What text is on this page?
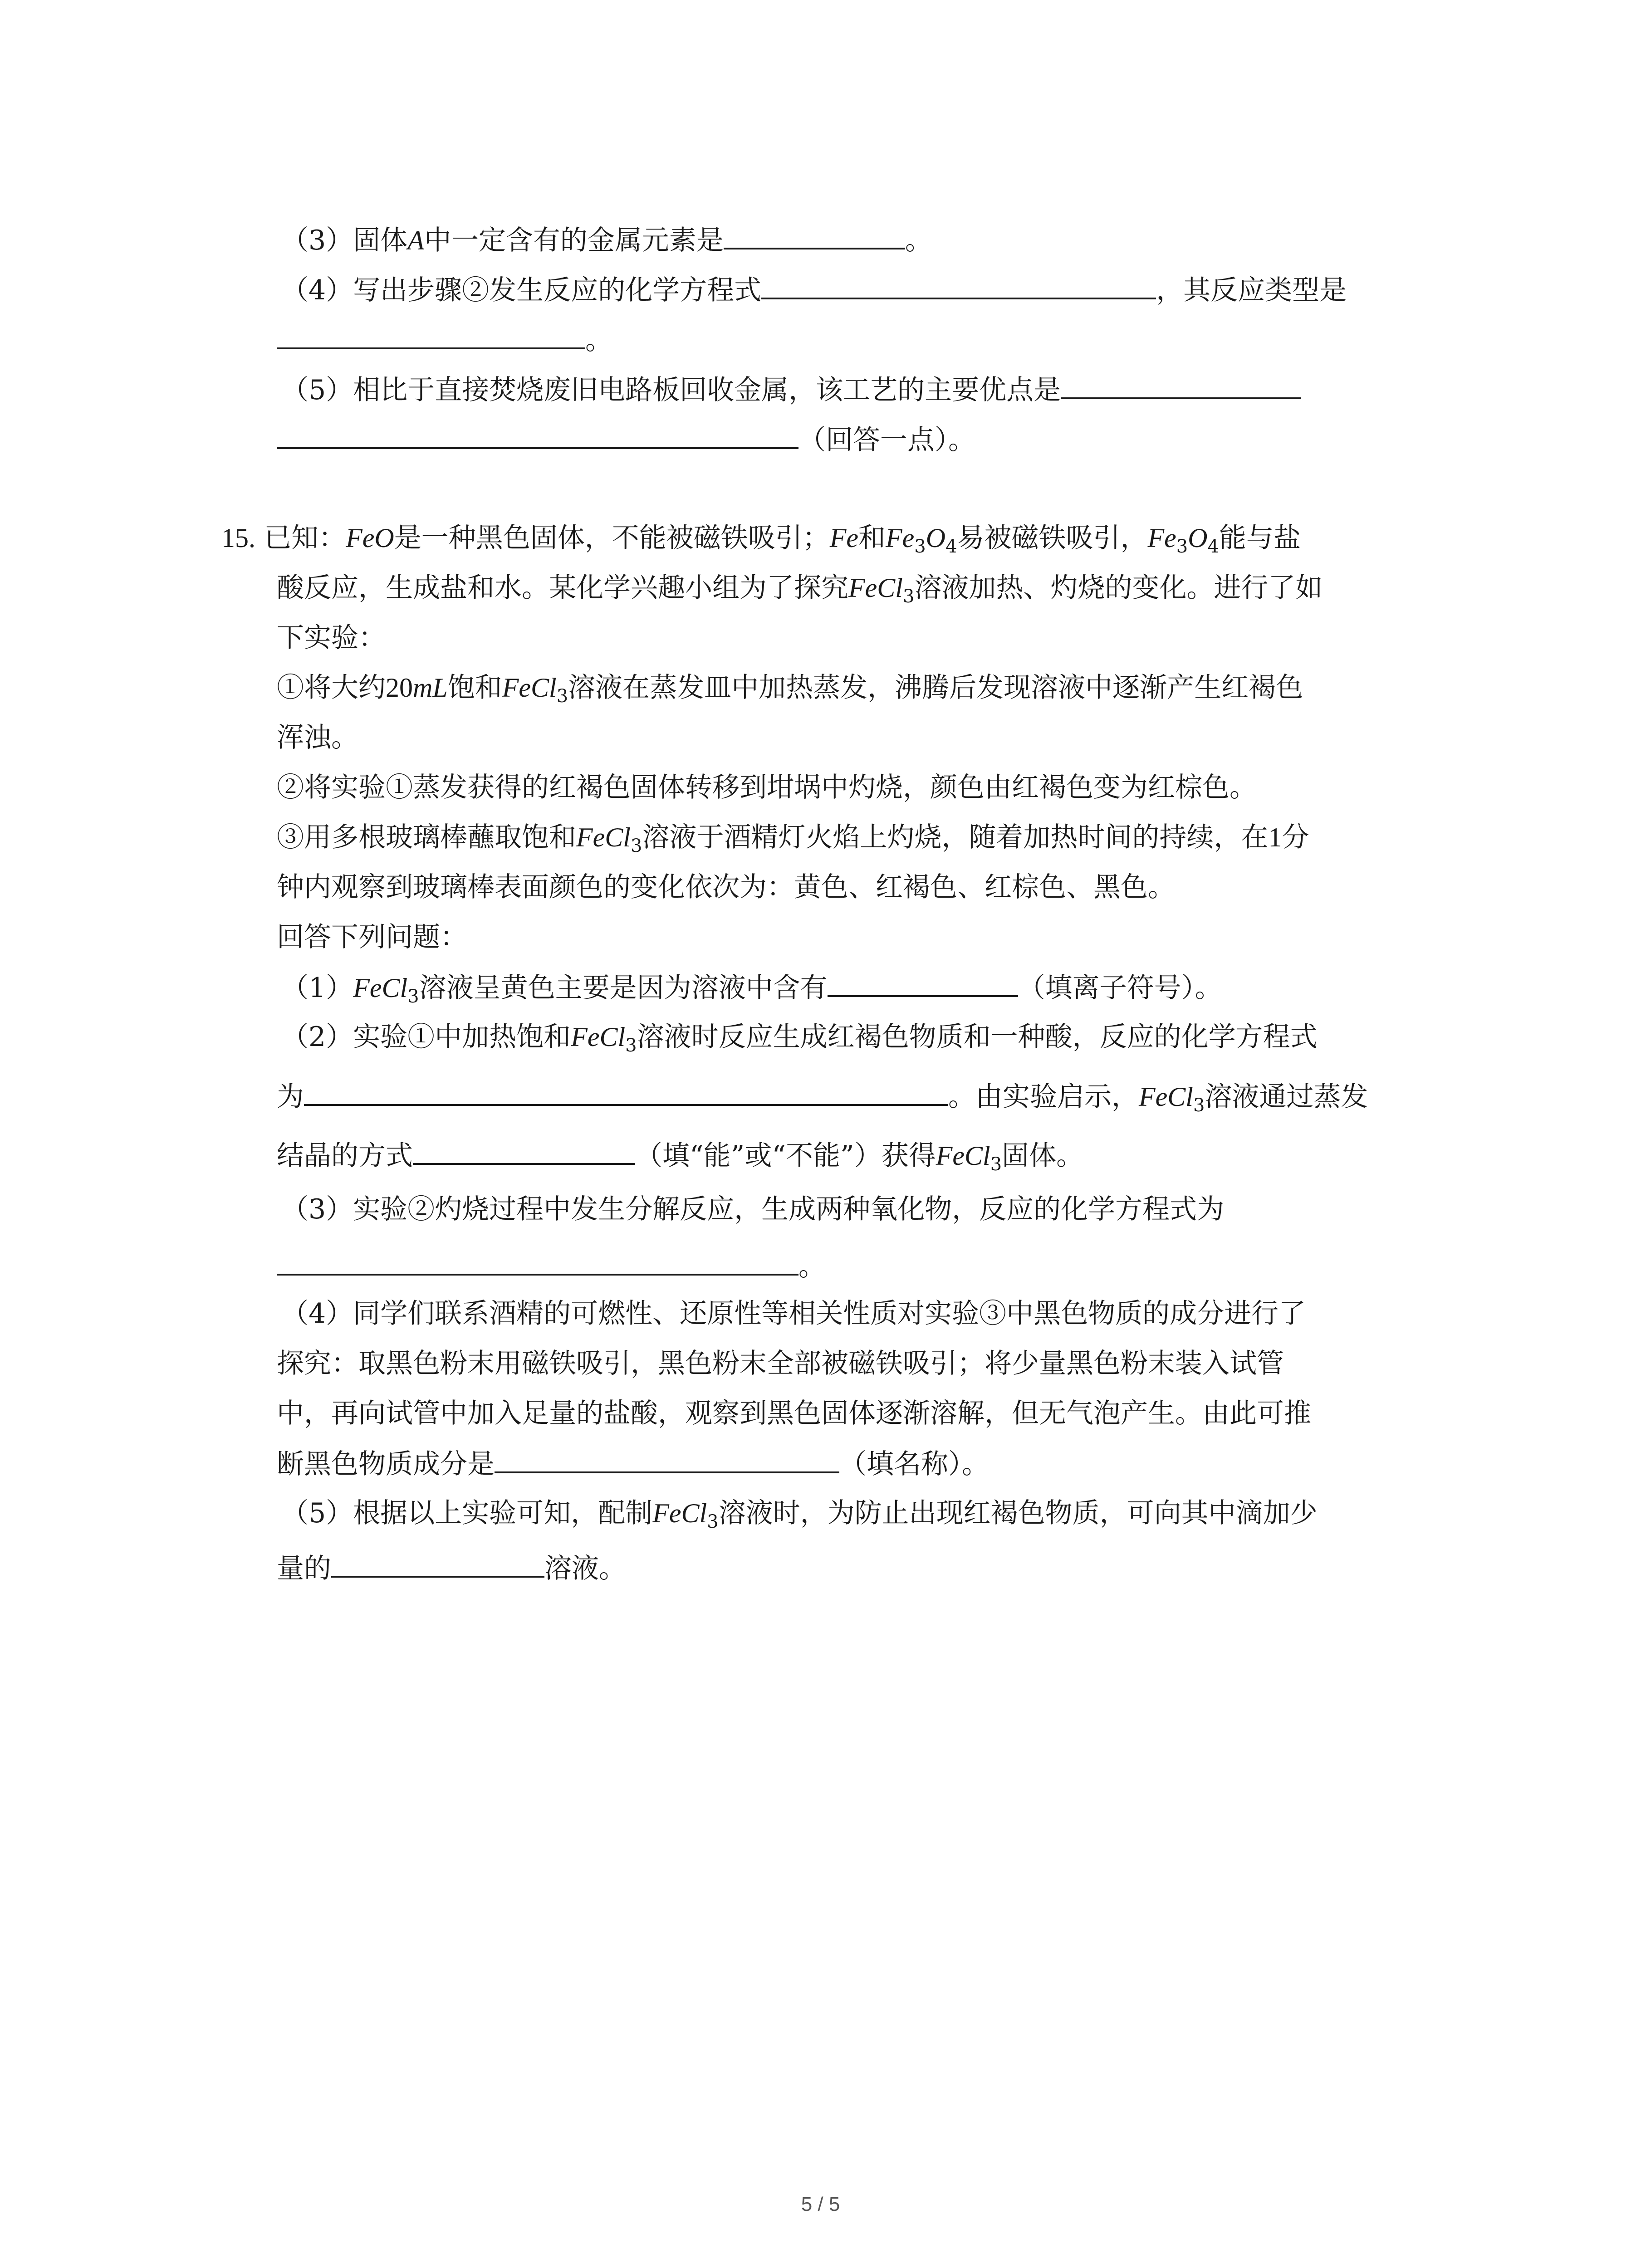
（3）固体A中一定含有的金属元素是	。
（4）写出步骤②发生反应的化学方程式	，其反应类型是
。
（5）相比于直接焚烧废旧电路板回收金属，该工艺的主要优点是
（回答一点）。
15. 已知：FeO是一种黑色固体，不能被磁铁吸引；Fe和$Fe_3O_4$易被磁铁吸引，$Fe_3O_4$能与盐
酸反应，生成盐和水。某化学兴趣小组为了探究FeCl$_3$溶液加热、灼烧的变化。进行了如
下实验：
①将大约20mL饱和FeCl$_3$溶液在蒸发皿中加热蒸发，沸腾后发现溶液中逐渐产生红褐色
浑浊。
②将实验①蒸发获得的红褐色固体转移到坩埚中灼烧，颜色由红褐色变为红棕色。
③用多根玻璃棒蘸取饱和FeCl$_3$溶液于酒精灯火焰上灼烧，随着加热时间的持续，在1分
钟内观察到玻璃棒表面颜色的变化依次为：黄色、红褐色、红棕色、黑色。
回答下列问题：
（1）FeCl$_3$溶液呈黄色主要是因为溶液中含有	（填离子符号）。
（2）实验①中加热饱和FeCl$_3$溶液时反应生成红褐色物质和一种酸，反应的化学方程式
为	。由实验启示，FeCl$_3$溶液通过蒸发
结晶的方式	（填“能”或“不能”）获得FeCl$_3$固体。
（3）实验②灼烧过程中发生分解反应，生成两种氧化物，反应的化学方程式为
。
（4）同学们联系酒精的可燃性、还原性等相关性质对实验③中黑色物质的成分进行了
探究：取黑色粉末用磁铁吸引，黑色粉末全部被磁铁吸引；将少量黑色粉末装入试管
中，再向试管中加入足量的盐酸，观察到黑色固体逐渐溶解，但无气泡产生。由此可推
断黑色物质成分是	（填名称）。
（5）根据以上实验可知，配制FeCl$_3$溶液时，为防止出现红褐色物质，可向其中滴加少
量的	溶液。
5 / 5
